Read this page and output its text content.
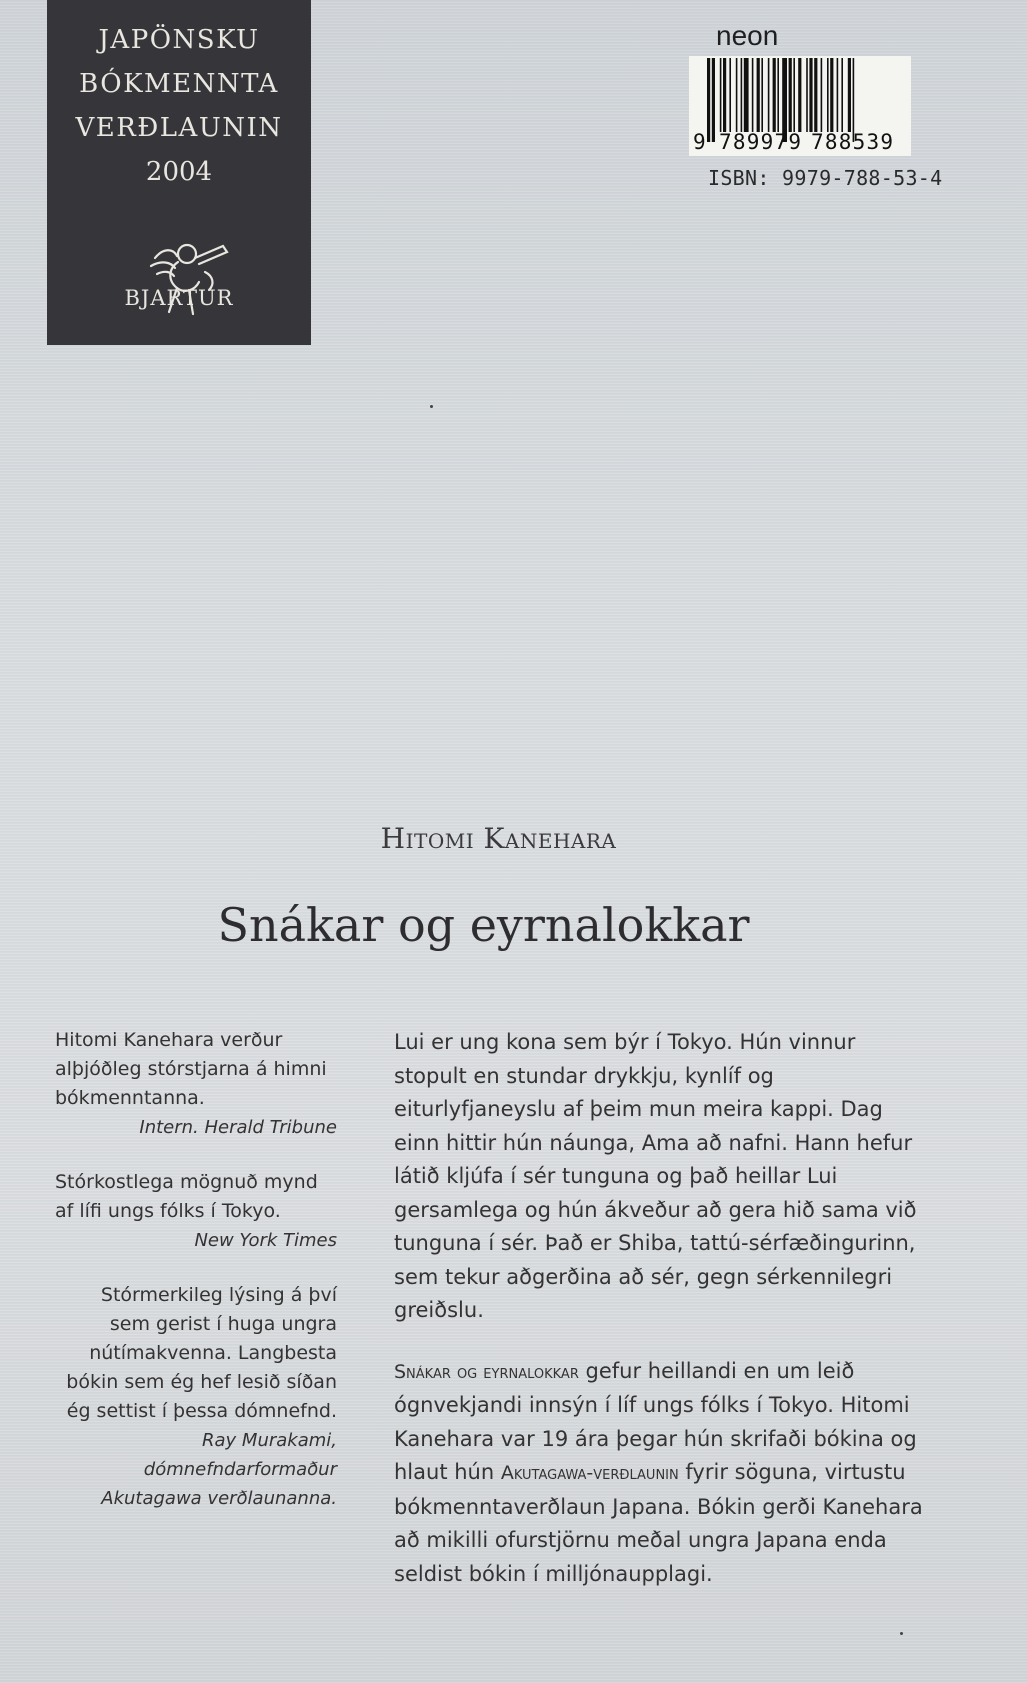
JAPÖNSKU
BÓKMENNTA
VERÐLAUNIN
2004
BJARTUR
neon
9 789979 788539
ISBN: 9979-788-53-4
Hitomi Kanehara
Snákar og eyrnalokkar
Hitomi Kanehara verður alþjóðleg stórstjarna á himni bókmenntanna.
Intern. Herald Tribune
Stórkostlega mögnuð mynd af lífi ungs fólks í Tokyo.
New York Times
Stórmerkileg lýsing á því sem gerist í huga ungra nútímakvenna. Langbesta bókin sem ég hef lesið síðan ég settist í þessa dómnefnd.
Ray Murakami, dómnefndarformaður Akutagawa verðlaunanna.

Lui er ung kona sem býr í Tokyo. Hún vinnur stopult en stundar drykkju, kynlíf og eiturlyfjaneyslu af þeim mun meira kappi. Dag einn hittir hún náunga, Ama að nafni. Hann hefur látið kljúfa í sér tunguna og það heillar Lui gersamlega og hún ákveður að gera hið sama við tunguna í sér. Það er Shiba, tattú-sérfæðingurinn, sem tekur aðgerðina að sér, gegn sérkennilegri greiðslu.

Snákar og eyrnalokkar gefur heillandi en um leið ógnvekjandi innsýn í líf ungs fólks í Tokyo. Hitomi Kanehara var 19 ára þegar hún skrifaði bókina og hlaut hún Akutagawa-verðlaunin fyrir söguna, virtustu bókmenntaverðlaun Japana. Bókin gerði Kanehara að mikilli ofurstjörnu meðal ungra Japana enda seldist bókin í milljónaupplagi.
